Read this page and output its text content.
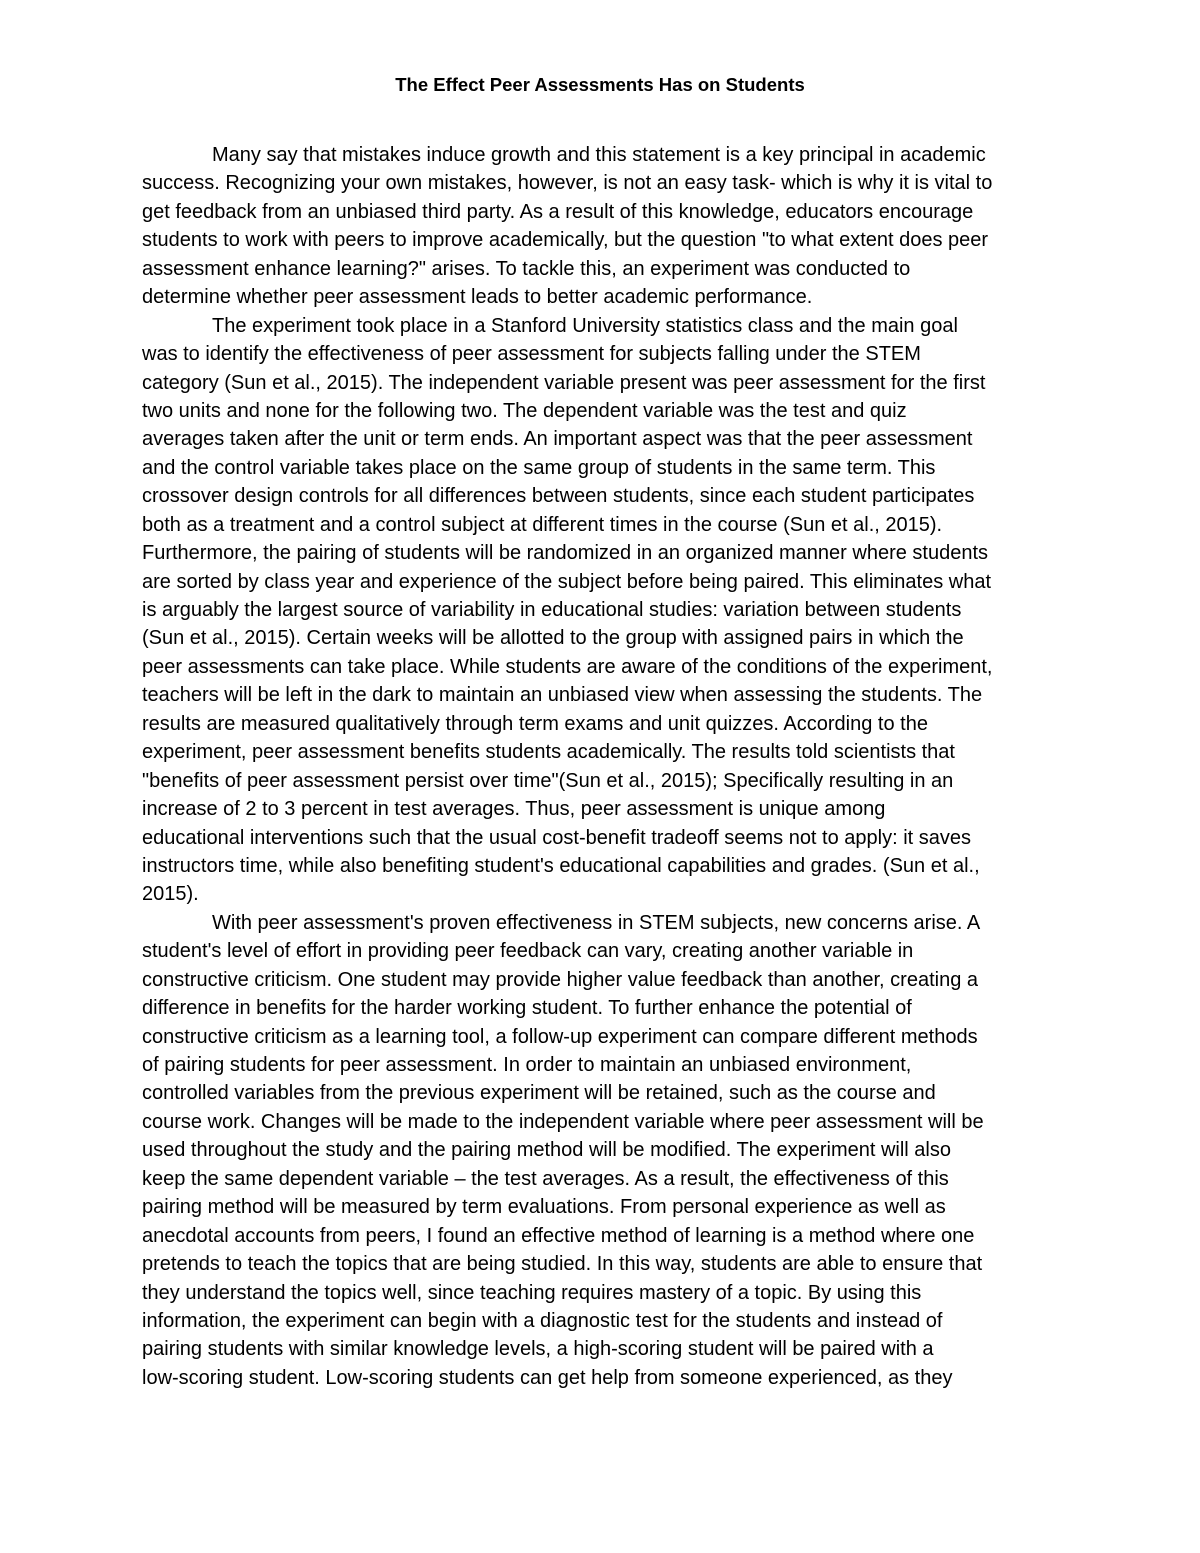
The Effect Peer Assessments Has on Students
Many say that mistakes induce growth and this statement is a key principal in academic
success. Recognizing your own mistakes, however, is not an easy task- which is why it is vital to
get feedback from an unbiased third party. As a result of this knowledge, educators encourage
students to work with peers to improve academically, but the question "to what extent does peer
assessment enhance learning?" arises. To tackle this, an experiment was conducted to
determine whether peer assessment leads to better academic performance.
The experiment took place in a Stanford University statistics class and the main goal
was to identify the effectiveness of peer assessment for subjects falling under the STEM
category (Sun et al., 2015). The independent variable present was peer assessment for the first
two units and none for the following two. The dependent variable was the test and quiz
averages taken after the unit or term ends. An important aspect was that the peer assessment
and the control variable takes place on the same group of students in the same term. This
crossover design controls for all differences between students, since each student participates
both as a treatment and a control subject at different times in the course (Sun et al., 2015).
Furthermore, the pairing of students will be randomized in an organized manner where students
are sorted by class year and experience of the subject before being paired. This eliminates what
is arguably the largest source of variability in educational studies: variation between students
(Sun et al., 2015). Certain weeks will be allotted to the group with assigned pairs in which the
peer assessments can take place. While students are aware of the conditions of the experiment,
teachers will be left in the dark to maintain an unbiased view when assessing the students. The
results are measured qualitatively through term exams and unit quizzes. According to the
experiment, peer assessment benefits students academically. The results told scientists that
"benefits of peer assessment persist over time"(Sun et al., 2015); Specifically resulting in an
increase of 2 to 3 percent in test averages. Thus, peer assessment is unique among
educational interventions such that the usual cost-benefit tradeoff seems not to apply: it saves
instructors time, while also benefiting student's educational capabilities and grades. (Sun et al.,
2015).
With peer assessment's proven effectiveness in STEM subjects, new concerns arise. A
student's level of effort in providing peer feedback can vary, creating another variable in
constructive criticism. One student may provide higher value feedback than another, creating a
difference in benefits for the harder working student. To further enhance the potential of
constructive criticism as a learning tool, a follow-up experiment can compare different methods
of pairing students for peer assessment. In order to maintain an unbiased environment,
controlled variables from the previous experiment will be retained, such as the course and
course work. Changes will be made to the independent variable where peer assessment will be
used throughout the study and the pairing method will be modified. The experiment will also
keep the same dependent variable – the test averages. As a result, the effectiveness of this
pairing method will be measured by term evaluations. From personal experience as well as
anecdotal accounts from peers, I found an effective method of learning is a method where one
pretends to teach the topics that are being studied. In this way, students are able to ensure that
they understand the topics well, since teaching requires mastery of a topic. By using this
information, the experiment can begin with a diagnostic test for the students and instead of
pairing students with similar knowledge levels, a high-scoring student will be paired with a
low-scoring student. Low-scoring students can get help from someone experienced, as they
